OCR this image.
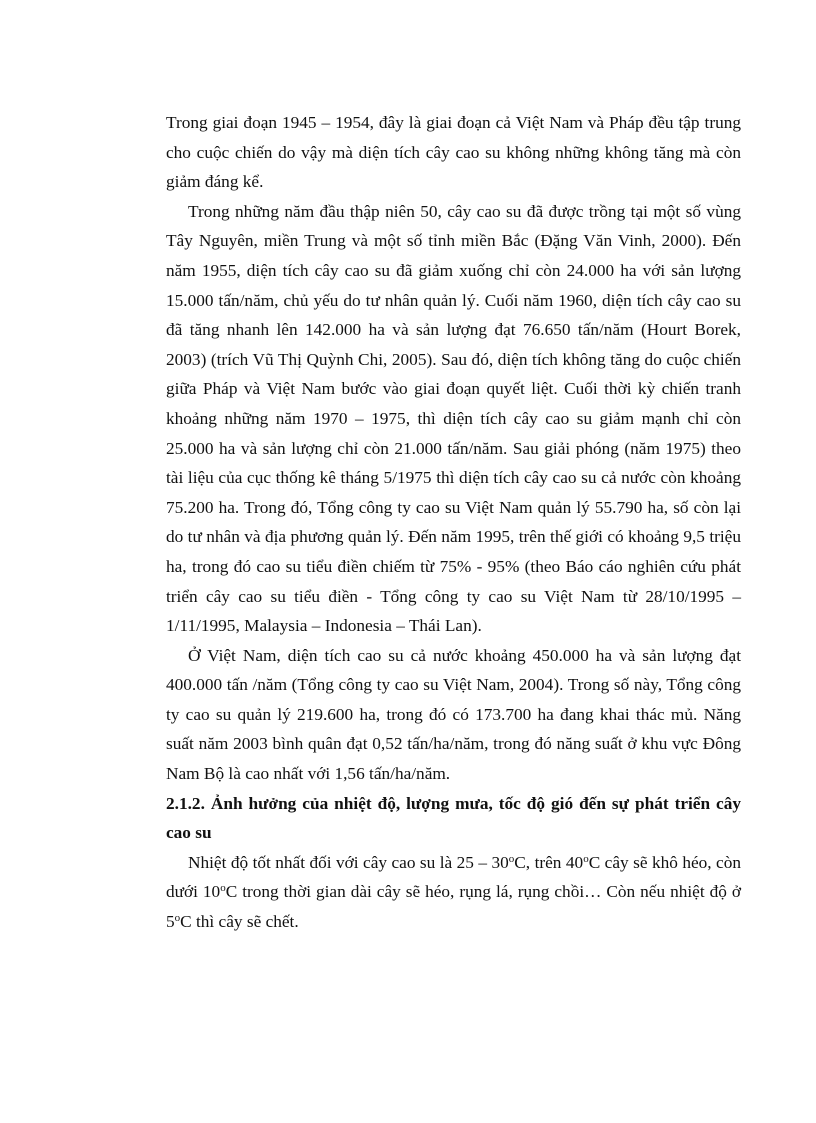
Trong giai đoạn 1945 – 1954, đây là giai đoạn cả Việt Nam và Pháp đều tập trung cho cuộc chiến do vậy mà diện tích cây cao su không những không tăng mà còn giảm đáng kể.

Trong những năm đầu thập niên 50, cây cao su đã được trồng tại một số vùng Tây Nguyên, miền Trung và một số tỉnh miền Bắc (Đặng Văn Vinh, 2000). Đến năm 1955, diện tích cây cao su đã giảm xuống chỉ còn 24.000 ha với sản lượng 15.000 tấn/năm, chủ yếu do tư nhân quản lý. Cuối năm 1960, diện tích cây cao su đã tăng nhanh lên 142.000 ha và sản lượng đạt 76.650 tấn/năm (Hourt Borek, 2003) (trích Vũ Thị Quỳnh Chi, 2005). Sau đó, diện tích không tăng do cuộc chiến giữa Pháp và Việt Nam bước vào giai đoạn quyết liệt. Cuối thời kỳ chiến tranh khoảng những năm 1970 – 1975, thì diện tích cây cao su giảm mạnh chỉ còn 25.000 ha và sản lượng chỉ còn 21.000 tấn/năm. Sau giải phóng (năm 1975) theo tài liệu của cục thống kê tháng 5/1975 thì diện tích cây cao su cả nước còn khoảng 75.200 ha. Trong đó, Tổng công ty cao su Việt Nam quản lý 55.790 ha, số còn lại do tư nhân và địa phương quản lý. Đến năm 1995, trên thế giới có khoảng 9,5 triệu ha, trong đó cao su tiểu điền chiếm từ 75% - 95% (theo Báo cáo nghiên cứu phát triển cây cao su tiểu điền - Tổng công ty cao su Việt Nam từ 28/10/1995 – 1/11/1995, Malaysia – Indonesia – Thái Lan).

Ở Việt Nam, diện tích cao su cả nước khoảng 450.000 ha và sản lượng đạt 400.000 tấn /năm (Tổng công ty cao su Việt Nam, 2004). Trong số này, Tổng công ty cao su quản lý 219.600 ha, trong đó có 173.700 ha đang khai thác mủ. Năng suất năm 2003 bình quân đạt 0,52 tấn/ha/năm, trong đó năng suất ở khu vực Đông Nam Bộ là cao nhất với 1,56 tấn/ha/năm.

2.1.2. Ảnh hưởng của nhiệt độ, lượng mưa, tốc độ gió đến sự phát triển cây cao su

Nhiệt độ tốt nhất đối với cây cao su là 25 – 30$^o$C, trên 40$^o$C cây sẽ khô héo, còn dưới 10$^o$C trong thời gian dài cây sẽ héo, rụng lá, rụng chồi… Còn nếu nhiệt độ ở 5$^o$C thì cây sẽ chết.
